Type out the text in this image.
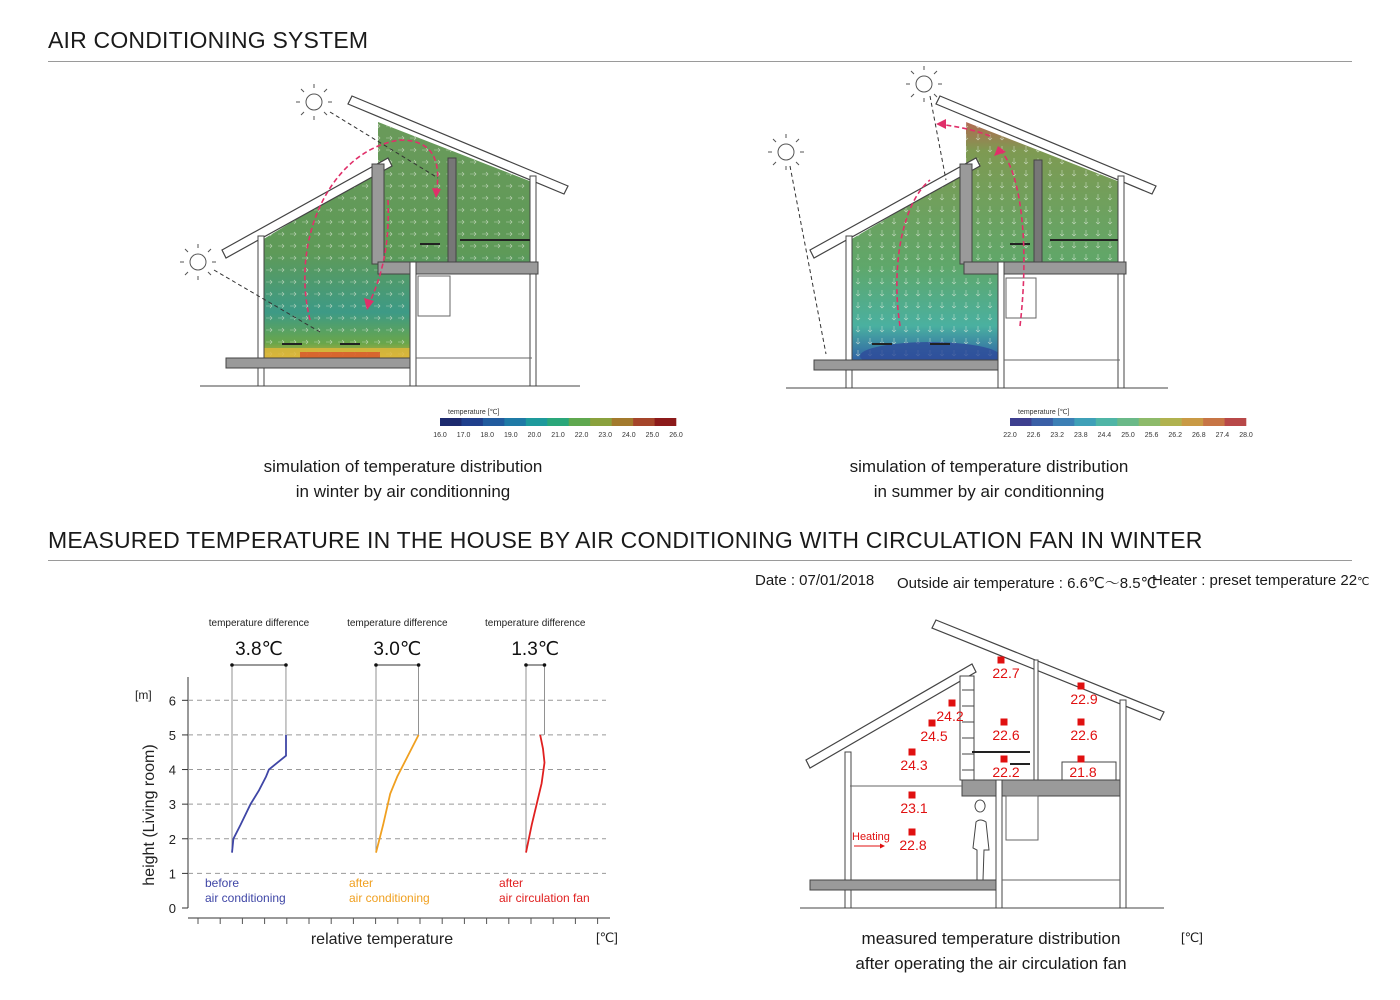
AIR CONDITIONING SYSTEM
temperature [℃]
16.0 17.0 18.0 19.0 20.0 21.0 22.0 23.0 24.0 25.0 26.0
temperature [℃]
22.0 22.6 23.2 23.8 24.4 25.0 25.6 26.2 26.8 27.4 28.0
simulation of temperature distribution
in winter by air conditionning
simulation of temperature distribution
in summer by air conditionning
MEASURED TEMPERATURE IN THE HOUSE BY AIR CONDITIONING WITH CIRCULATION FAN IN WINTER
Date : 07/01/2018 Outside air temperature : 6.6℃～8.5℃
Heater : preset temperature 22℃
0
1
2
3
4
5
6
[m]
height (Living room)
relative temperature	[℃]
temperature difference
3.8℃
before
air conditioning
temperature difference
3.0℃
after
air conditioning
temperature difference
1.3℃
after
air circulation fan
22.7
22.9
24.2
24.5	22.6	22.6
24.3	22.2	21.8
23.1
22.8
Heating
measured temperature distribution
after operating the air circulation fan
[℃]
